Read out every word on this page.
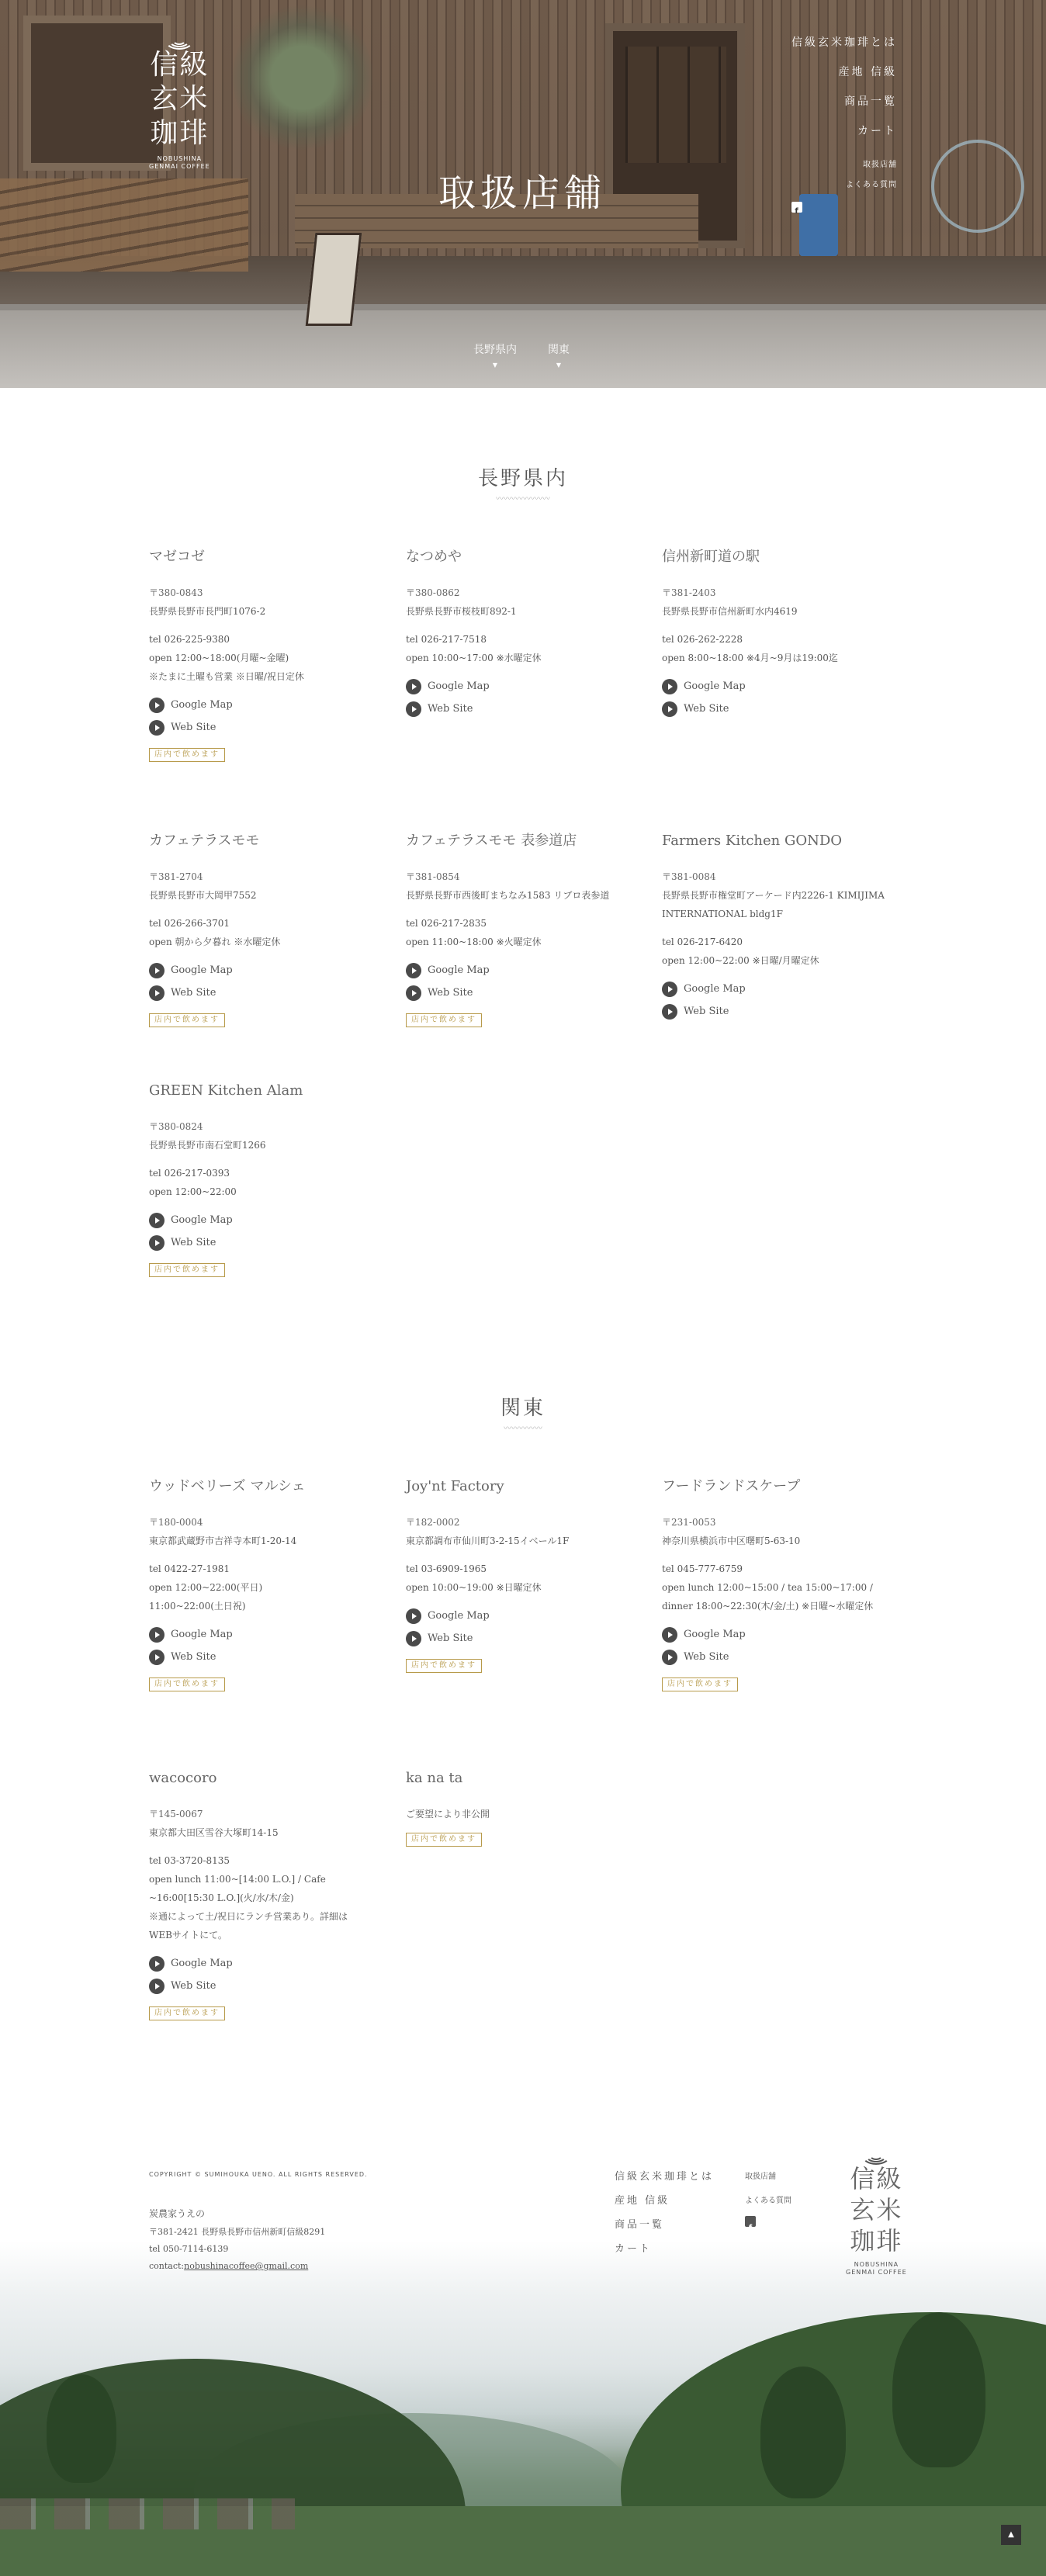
信級
玄米
珈琲
NOBUSHINA
GENMAI COFFEE
取扱店舗
信級玄米珈琲とは
産地 信級
商品一覧
カート
取扱店舗
よくある質問
f
長野県内
▼
関東
▼
長野県内
〰〰〰〰〰〰〰
マゼコゼ

〒380-0843

長野県長野市長門町1076-2

tel 026-225-9380

open 12:00~18:00(月曜~金曜)

※たまに土曜も営業 ※日曜/祝日定休

Google Map
Web Site
店内で飲めます
なつめや

〒380-0862

長野県長野市桜枝町892-1

tel 026-217-7518

open 10:00~17:00 ※水曜定休

Google Map
Web Site
信州新町道の駅

〒381-2403

長野県長野市信州新町水内4619

tel 026-262-2228

open 8:00~18:00 ※4月~9月は19:00迄

Google Map
Web Site
カフェテラスモモ

〒381-2704

長野県長野市大岡甲7552

tel 026-266-3701

open 朝から夕暮れ ※水曜定休

Google Map
Web Site
店内で飲めます
カフェテラスモモ 表参道店

〒381-0854

長野県長野市西後町まちなみ1583 リブロ表参道

tel 026-217-2835

open 11:00~18:00 ※火曜定休

Google Map
Web Site
店内で飲めます
Farmers Kitchen GONDO

〒381-0084

長野県長野市権堂町アーケード内2226-1 KIMIJIMA INTERNATIONAL bldg1F

tel 026-217-6420

open 12:00~22:00 ※日曜/月曜定休

Google Map
Web Site
GREEN Kitchen Alam

〒380-0824

長野県長野市南石堂町1266

tel 026-217-0393

open 12:00~22:00

Google Map
Web Site
店内で飲めます
関東
〰〰〰〰〰
ウッドベリーズ マルシェ

〒180-0004

東京都武蔵野市吉祥寺本町1-20-14

tel 0422-27-1981

open 12:00~22:00(平日)

11:00~22:00(土日祝)

Google Map
Web Site
店内で飲めます
Joy'nt Factory

〒182-0002

東京都調布市仙川町3-2-15イベール1F

tel 03-6909-1965

open 10:00~19:00 ※日曜定休

Google Map
Web Site
店内で飲めます
フードランドスケープ

〒231-0053

神奈川県横浜市中区曙町5-63-10

tel 045-777-6759

open lunch 12:00~15:00 / tea 15:00~17:00 / dinner 18:00~22:30(木/金/土) ※日曜~水曜定休

Google Map
Web Site
店内で飲めます
wacocoro

〒145-0067

東京都大田区雪谷大塚町14-15

tel 03-3720-8135

open lunch 11:00~[14:00 L.O.] / Cafe ~16:00[15:30 L.O.](火/水/木/金)

※通によって土/祝日にランチ営業あり。詳細はWEBサイトにて。

Google Map
Web Site
店内で飲めます
ka na ta

ご要望により非公開

店内で飲めます
COPYRIGHT © SUMIHOUKA UENO. ALL RIGHTS RESERVED.
炭農家うえの
〒381-2421 長野県長野市信州新町信級8291
tel 050-7114-6139
contact:nobushinacoffee@gmail.com
信級玄米珈琲とは
産地 信級
商品一覧
カート
取扱店舗
よくある質問
信級
玄米
珈琲
NOBUSHINA
GENMAI COFFEE
▲
